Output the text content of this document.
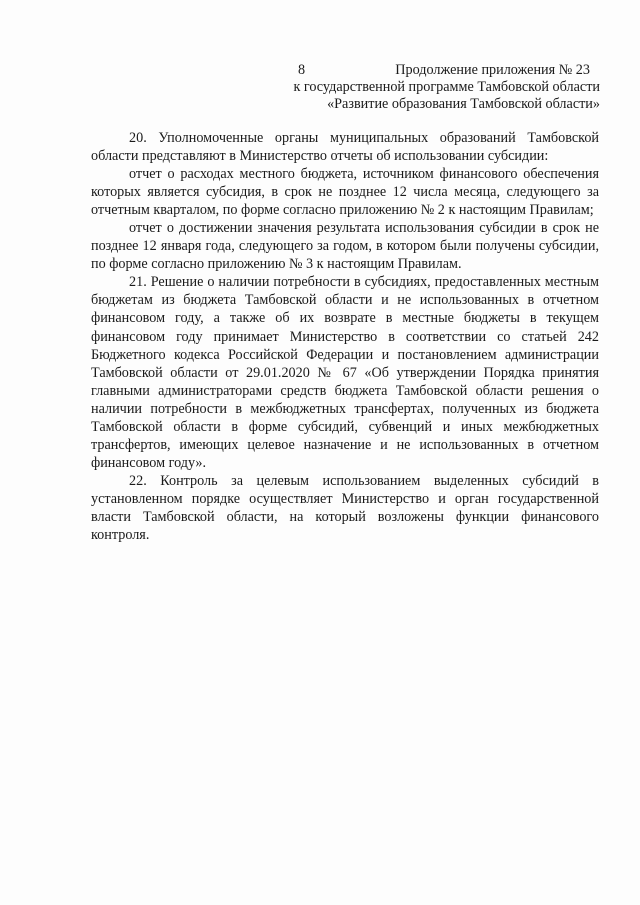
8	Продолжение приложения № 23
к государственной программе Тамбовской области
«Развитие образования Тамбовской области»

20. Уполномоченные органы муниципальных образований Тамбовской области представляют в Министерство отчеты об использовании субсидии:

отчет о расходах местного бюджета, источником финансового обеспечения которых является субсидия, в срок не позднее 12 числа месяца, следующего за отчетным кварталом, по форме согласно приложению № 2 к настоящим Правилам;

отчет о достижении значения результата использования субсидии в срок не позднее 12 января года, следующего за годом, в котором были получены субсидии, по форме согласно приложению № 3 к настоящим Правилам.

21. Решение о наличии потребности в субсидиях, предоставленных местным бюджетам из бюджета Тамбовской области и не использованных в отчетном финансовом году, а также об их возврате в местные бюджеты в текущем финансовом году принимает Министерство в соответствии со статьей 242 Бюджетного кодекса Российской Федерации и постановлением администрации Тамбовской области от 29.01.2020 № 67 «Об утверждении Порядка принятия главными администраторами средств бюджета Тамбовской области решения о наличии потребности в межбюджетных трансфертах, полученных из бюджета Тамбовской области в форме субсидий, субвенций и иных межбюджетных трансфертов, имеющих целевое назначение и не использованных в отчетном финансовом году».

22. Контроль за целевым использованием выделенных субсидий в установленном порядке осуществляет Министерство и орган государственной власти Тамбовской области, на который возложены функции финансового контроля.
